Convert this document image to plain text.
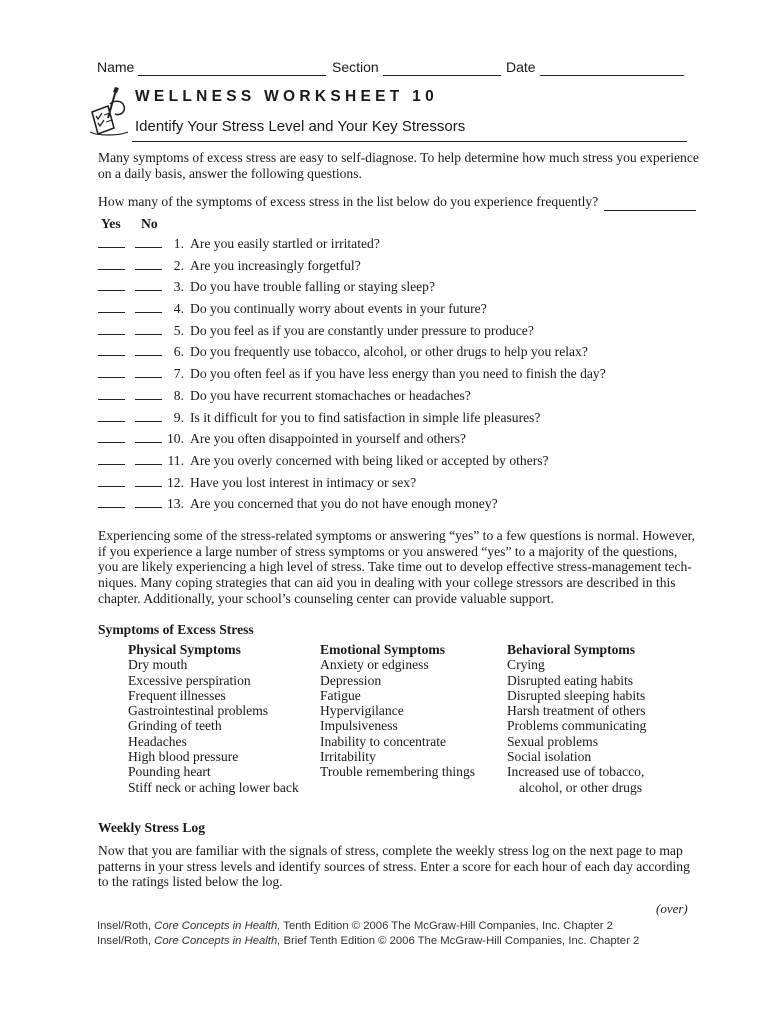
Name	Section	Date
WELLNESS WORKSHEET 10
Identify Your Stress Level and Your Key Stressors

Many symptoms of excess stress are easy to self-diagnose. To help determine how much stress you experience

on a daily basis, answer the following questions.

How many of the symptoms of excess stress in the list below do you experience frequently?
Yes No
1. Are you easily startled or irritated?
2. Are you increasingly forgetful?
3. Do you have trouble falling or staying sleep?
4. Do you continually worry about events in your future?
5. Do you feel as if you are constantly under pressure to produce?
6. Do you frequently use tobacco, alcohol, or other drugs to help you relax?
7. Do you often feel as if you have less energy than you need to finish the day?
8. Do you have recurrent stomachaches or headaches?
9. Is it difficult for you to find satisfaction in simple life pleasures?
10. Are you often disappointed in yourself and others?
11. Are you overly concerned with being liked or accepted by others?
12. Have you lost interest in intimacy or sex?
13. Are you concerned that you do not have enough money?

Experiencing some of the stress-related symptoms or answering “yes” to a few questions is normal. However,

if you experience a large number of stress symptoms or you answered “yes” to a majority of the questions,

you are likely experiencing a high level of stress. Take time out to develop effective stress-management tech-

niques. Many coping strategies that can aid you in dealing with your college stressors are described in this

chapter. Additionally, your school’s counseling center can provide valuable support.

Symptoms of Excess Stress
Physical Symptoms
Dry mouth
Excessive perspiration
Frequent illnesses
Gastrointestinal problems
Grinding of teeth
Headaches
High blood pressure
Pounding heart
Stiff neck or aching lower back
Emotional Symptoms
Anxiety or edginess
Depression
Fatigue
Hypervigilance
Impulsiveness
Inability to concentrate
Irritability
Trouble remembering things
Behavioral Symptoms
Crying
Disrupted eating habits
Disrupted sleeping habits
Harsh treatment of others
Problems communicating
Sexual problems
Social isolation
Increased use of tobacco,
alcohol, or other drugs
Weekly Stress Log

Now that you are familiar with the signals of stress, complete the weekly stress log on the next page to map

patterns in your stress levels and identify sources of stress. Enter a score for each hour of each day according

to the ratings listed below the log.

(over)
Insel/Roth, Core Concepts in Health, Tenth Edition © 2006 The McGraw-Hill Companies, Inc. Chapter 2
Insel/Roth, Core Concepts in Health, Brief Tenth Edition © 2006 The McGraw-Hill Companies, Inc. Chapter 2
